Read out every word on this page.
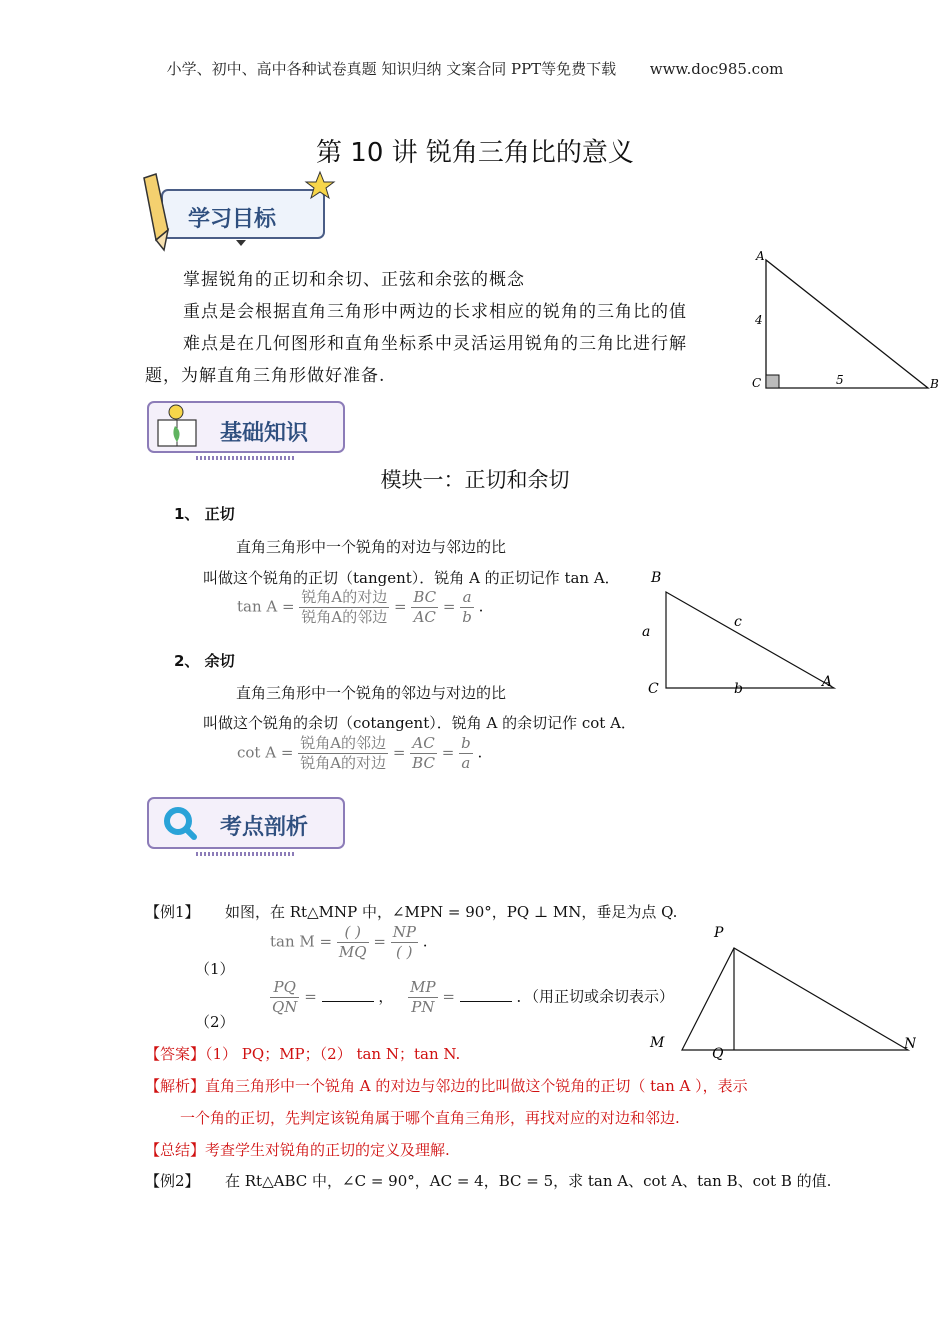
小学、初中、高中各种试卷真题 知识归纳 文案合同 PPT等免费下载 www.doc985.com
第 10 讲 锐角三角比的意义
学习目标
掌握锐角的正切和余切、正弦和余弦的概念
重点是会根据直角三角形中两边的长求相应的锐角的三角比的值
难点是在几何图形和直角坐标系中灵活运用锐角的三角比进行解
题，为解直角三角形做好准备.
A
B
C
4
5
基础知识
模块一：正切和余切
1、 正切
直角三角形中一个锐角的对边与邻边的比
叫做这个锐角的正切（tangent）．锐角 A 的正切记作 tan A．
$\tan A = \frac{\text{锐角A的对边}}{\text{锐角A的邻边}} = \frac{BC}{AC} = \frac{a}{b}$ .
2、 余切
直角三角形中一个锐角的邻边与对边的比
叫做这个锐角的余切（cotangent）．锐角 A 的余切记作 cot A．
$\cot A = \frac{\text{锐角A的邻边}}{\text{锐角A的对边}} = \frac{AC}{BC} = \frac{b}{a}$ .
B
C	A
a
b
c
考点剖析
【例1】 如图，在 Rt△MNP 中，∠MPN = 90°，PQ ⊥ MN，垂足为点 Q.
（1）
$\tan M = \frac{( )}{MQ} = \frac{NP}{( )}$ .
（2）
$\frac{PQ}{QN}$ =	， $\frac{MP}{PN}$ =	．（用正切或余切表示）
【答案】（1） PQ；MP；（2） tan N；tan N.
【解析】直角三角形中一个锐角 A 的对边与邻边的比叫做这个锐角的正切（ tan A ），表示
一个角的正切，先判定该锐角属于哪个直角三角形，再找对应的对边和邻边.
【总结】考查学生对锐角的正切的定义及理解.
P
M
Q
N
【例2】 在 Rt△ABC 中，∠C = 90°，AC = 4，BC = 5，求 tan A、cot A、tan B、cot B 的值.
